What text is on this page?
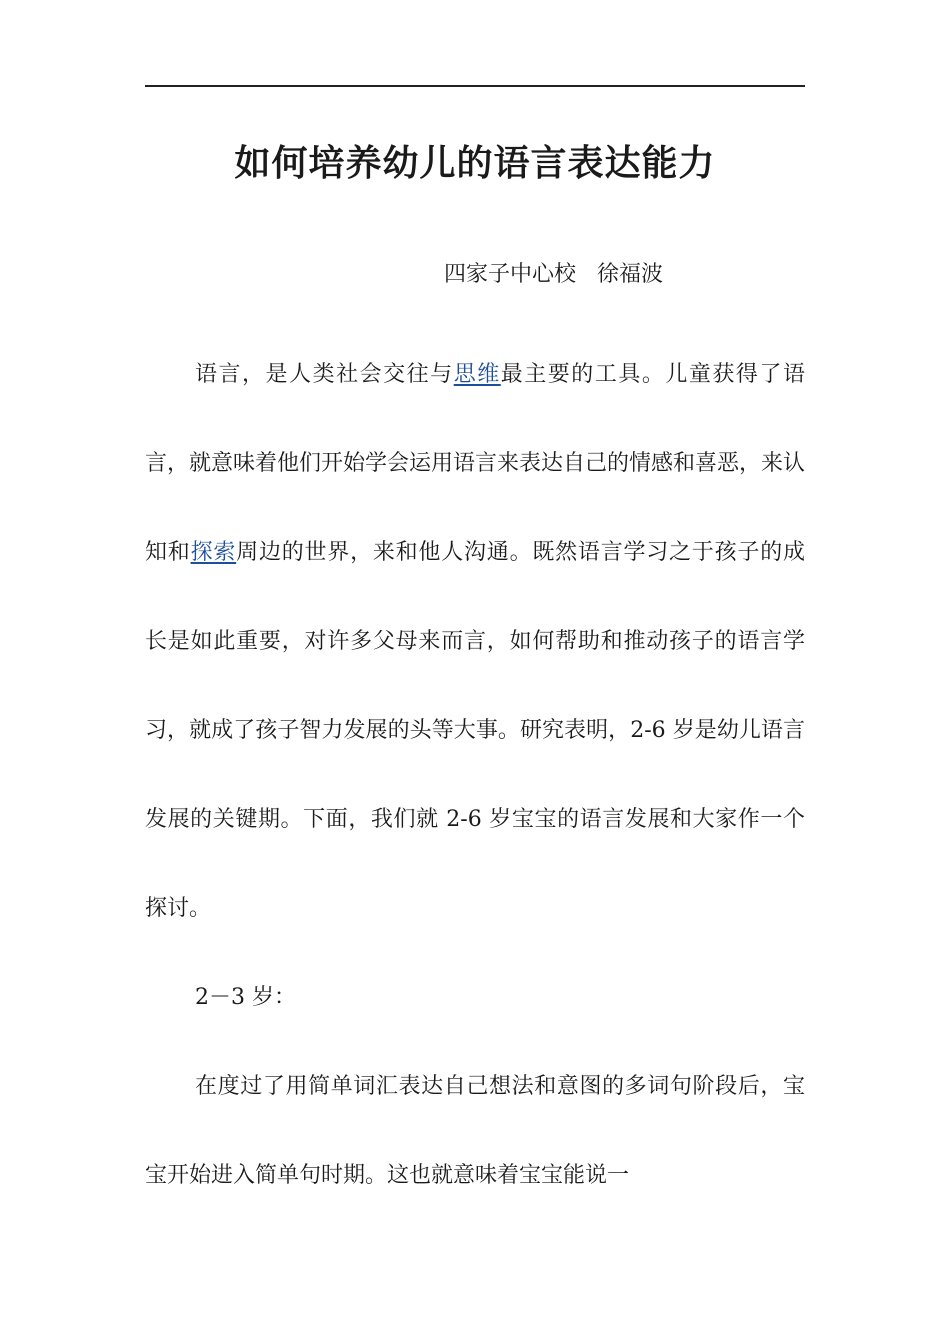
如何培养幼儿的语言表达能力
四家子中心校   徐福波

语言，是人类社会交往与思维最主要的工具。儿童获得了语言，就意味着他们开始学会运用语言来表达自己的情感和喜恶，来认知和探索周边的世界，来和他人沟通。既然语言学习之于孩子的成长是如此重要，对许多父母来而言，如何帮助和推动孩子的语言学习，就成了孩子智力发展的头等大事。研究表明，2-6 岁是幼儿语言发展的关键期。下面，我们就 2-6 岁宝宝的语言发展和大家作一个探讨。

2－3 岁：

在度过了用简单词汇表达自己想法和意图的多词句阶段后，宝宝开始进入简单句时期。这也就意味着宝宝能说一
